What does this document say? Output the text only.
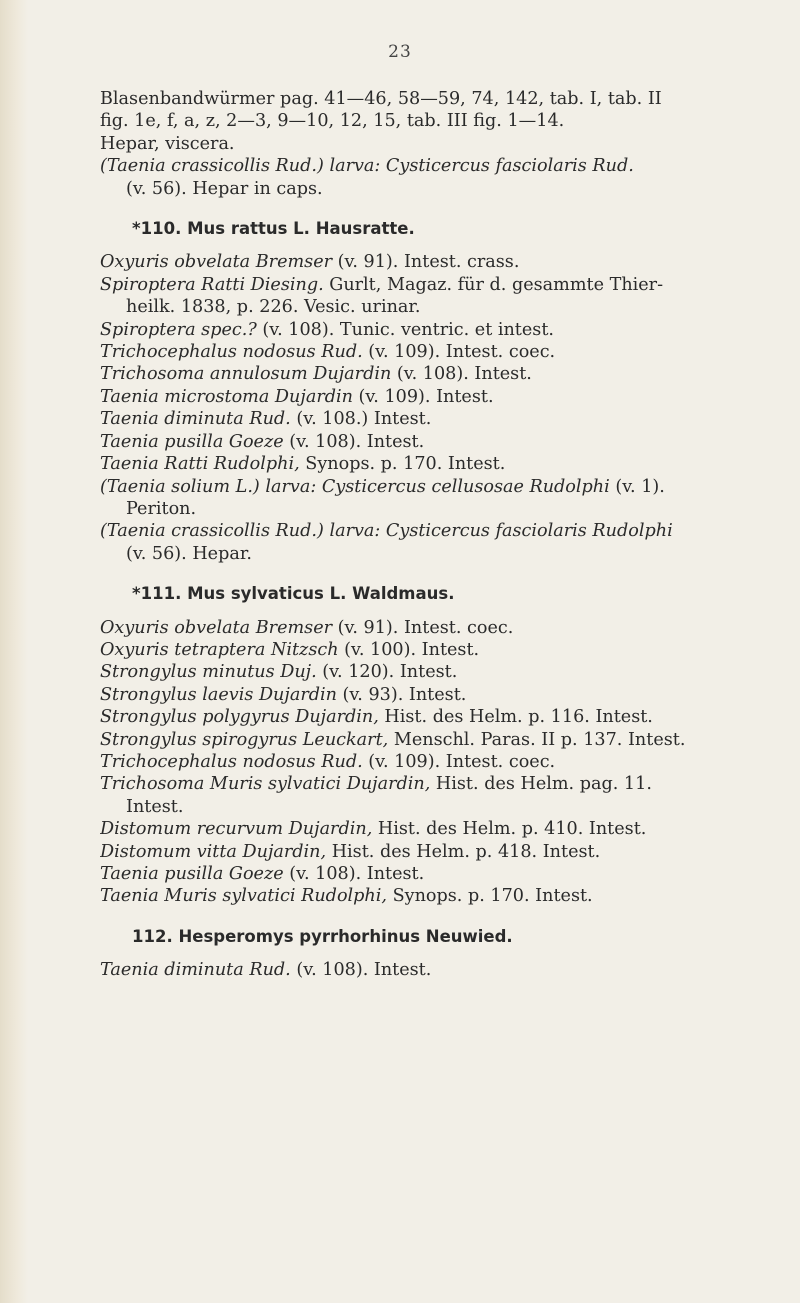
23
Blasenbandwürmer pag. 41—46, 58—59, 74, 142, tab. I, tab. II
fig. 1e, f, a, z, 2—3, 9—10, 12, 15, tab. III fig. 1—14.
Hepar, viscera.
(Taenia crassicollis Rud.) larva: Cysticercus fasciolaris Rud.
(v. 56). Hepar in caps.
*110. Mus rattus L. Hausratte.
Oxyuris obvelata Bremser (v. 91). Intest. crass.
Spiroptera Ratti Diesing. Gurlt, Magaz. für d. gesammte Thier-
heilk. 1838, p. 226. Vesic. urinar.
Spiroptera spec.? (v. 108). Tunic. ventric. et intest.
Trichocephalus nodosus Rud. (v. 109). Intest. coec.
Trichosoma annulosum Dujardin (v. 108). Intest.
Taenia microstoma Dujardin (v. 109). Intest.
Taenia diminuta Rud. (v. 108.) Intest.
Taenia pusilla Goeze (v. 108). Intest.
Taenia Ratti Rudolphi, Synops. p. 170. Intest.
(Taenia solium L.) larva: Cysticercus cellusosae Rudolphi (v. 1).
Periton.
(Taenia crassicollis Rud.) larva: Cysticercus fasciolaris Rudolphi
(v. 56). Hepar.
*111. Mus sylvaticus L. Waldmaus.
Oxyuris obvelata Bremser (v. 91). Intest. coec.
Oxyuris tetraptera Nitzsch (v. 100). Intest.
Strongylus minutus Duj. (v. 120). Intest.
Strongylus laevis Dujardin (v. 93). Intest.
Strongylus polygyrus Dujardin, Hist. des Helm. p. 116. Intest.
Strongylus spirogyrus Leuckart, Menschl. Paras. II p. 137. Intest.
Trichocephalus nodosus Rud. (v. 109). Intest. coec.
Trichosoma Muris sylvatici Dujardin, Hist. des Helm. pag. 11.
Intest.
Distomum recurvum Dujardin, Hist. des Helm. p. 410. Intest.
Distomum vitta Dujardin, Hist. des Helm. p. 418. Intest.
Taenia pusilla Goeze (v. 108). Intest.
Taenia Muris sylvatici Rudolphi, Synops. p. 170. Intest.
112. Hesperomys pyrrhorhinus Neuwied.
Taenia diminuta Rud. (v. 108). Intest.
